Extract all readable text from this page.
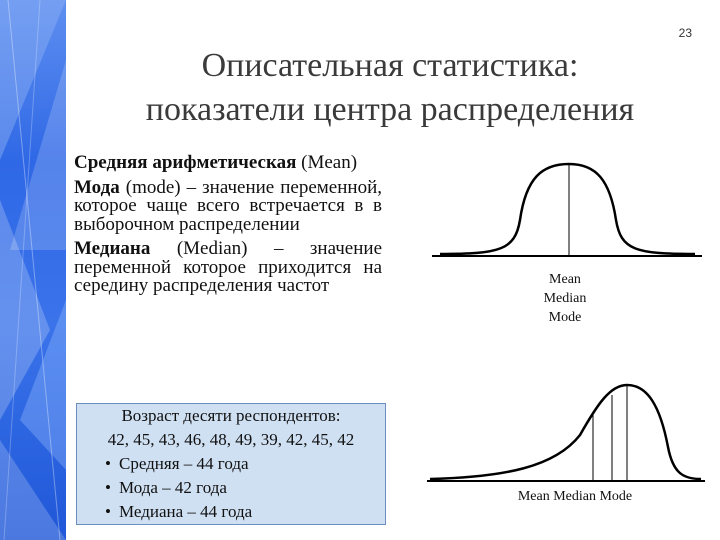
23
Описательная статистика:
показатели центра распределения

Средняя арифметическая (Mean)

Мода (mode) – значение переменной, которое чаще всего встречается в в выборочном распределении

Медиана (Median) – значение переменной которое приходится на середину распределения частот

Возраст десяти респондентов:
42, 45, 43, 46, 48, 49, 39, 42, 45, 42
• Средняя – 44 года
• Мода – 42 года
• Медиана – 44 года
Mean
Median
Mode
Mean Median Mode
